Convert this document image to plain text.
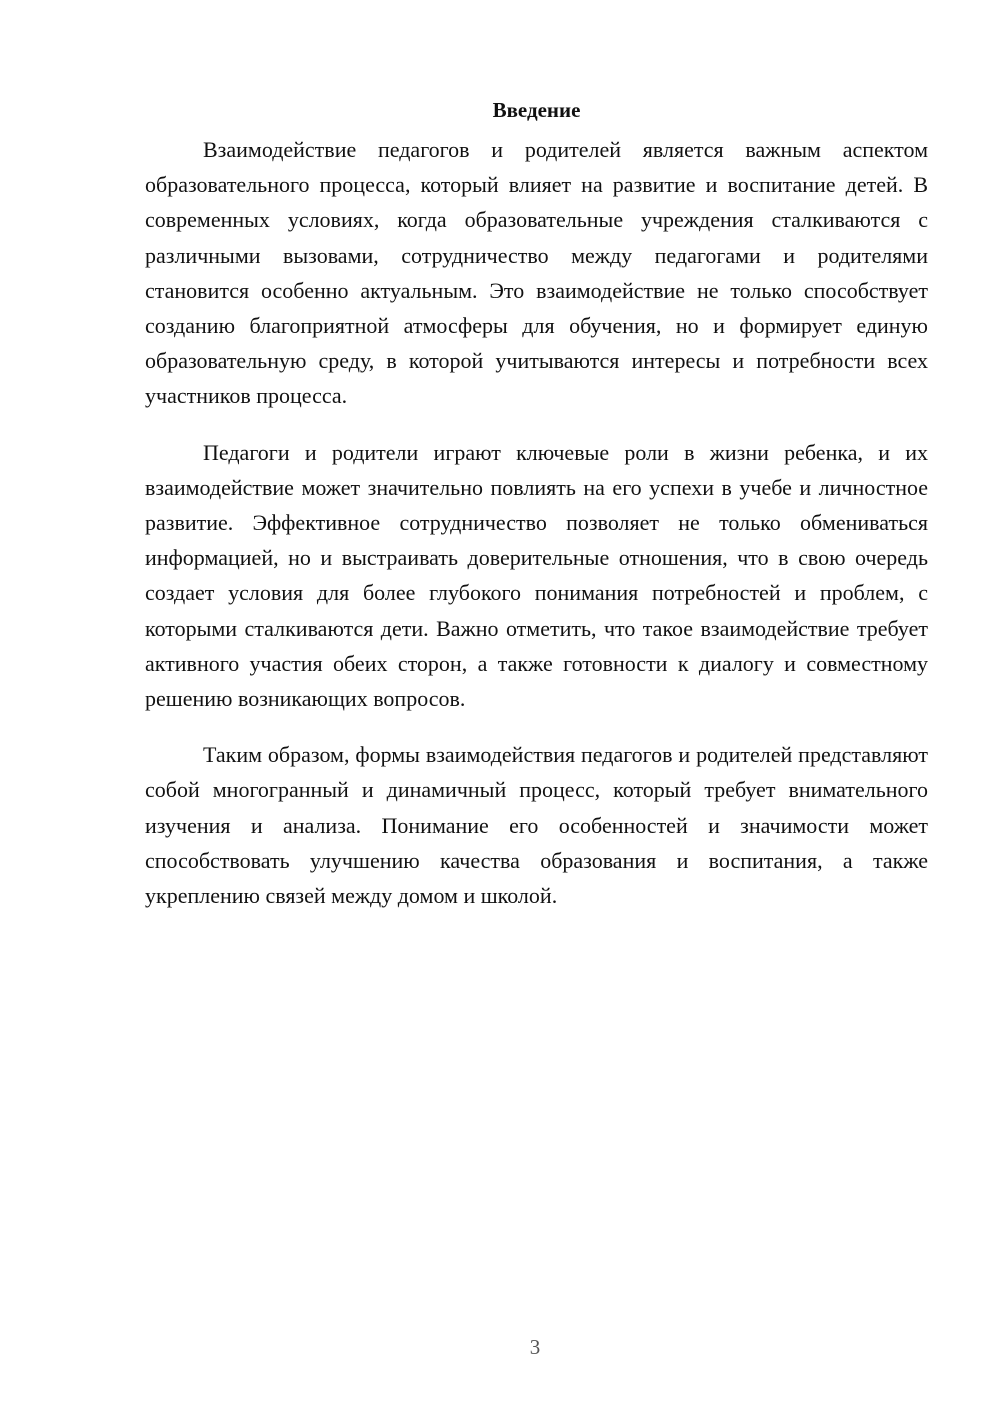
Введение

Взаимодействие педагогов и родителей является важным аспектом образовательного процесса, который влияет на развитие и воспитание детей. В современных условиях, когда образовательные учреждения сталкиваются с различными вызовами, сотрудничество между педагогами и родителями становится особенно актуальным. Это взаимодействие не только способствует созданию благоприятной атмосферы для обучения, но и формирует единую образовательную среду, в которой учитываются интересы и потребности всех участников процесса.

Педагоги и родители играют ключевые роли в жизни ребенка, и их взаимодействие может значительно повлиять на его успехи в учебе и личностное развитие. Эффективное сотрудничество позволяет не только обмениваться информацией, но и выстраивать доверительные отношения, что в свою очередь создает условия для более глубокого понимания потребностей и проблем, с которыми сталкиваются дети. Важно отметить, что такое взаимодействие требует активного участия обеих сторон, а также готовности к диалогу и совместному решению возникающих вопросов.

Таким образом, формы взаимодействия педагогов и родителей представляют собой многогранный и динамичный процесс, который требует внимательного изучения и анализа. Понимание его особенностей и значимости может способствовать улучшению качества образования и воспитания, а также укреплению связей между домом и школой.

3
